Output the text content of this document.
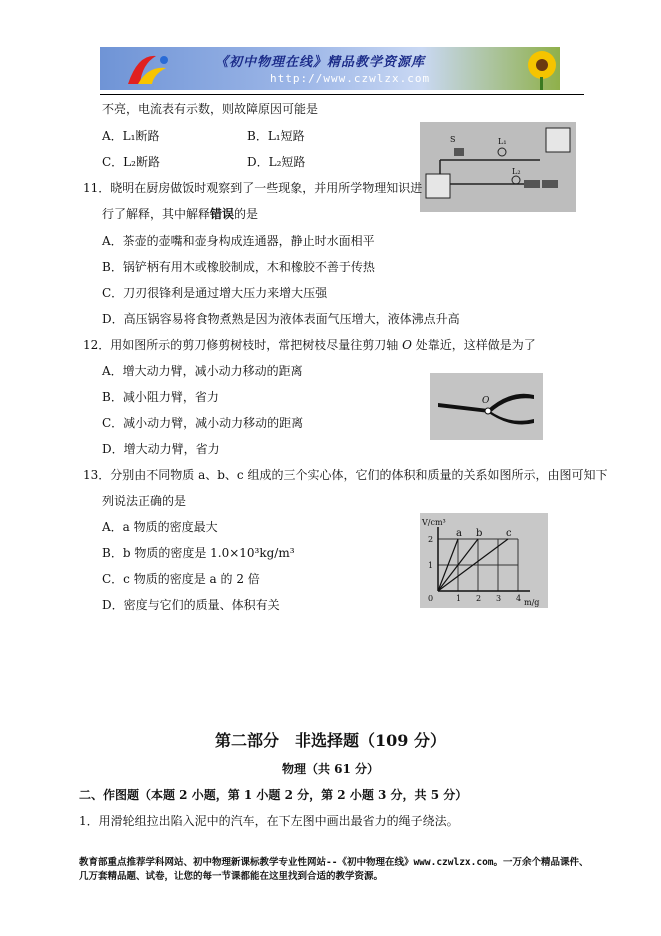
《初中物理在线》精品教学资源库
http://www.czwlzx.com
不亮，电流表有示数，则故障原因可能是
A．L₁断路	B．L₁短路
C．L₂断路	D．L₂短路
S	L₁
L₂
11．晓明在厨房做饭时观察到了一些现象，并用所学物理知识进
行了解释，其中解释错误的是
A．茶壶的壶嘴和壶身构成连通器，静止时水面相平
B．锅铲柄有用木或橡胶制成，木和橡胶不善于传热
C．刀刃很锋利是通过增大压力来增大压强
D．高压锅容易将食物煮熟是因为液体表面气压增大，液体沸点升高
12．用如图所示的剪刀修剪树枝时，常把树枝尽量往剪刀轴 O 处靠近，这样做是为了
A．增大动力臂，减小动力移动的距离
B．减小阻力臂，省力
C．减小动力臂，减小动力移动的距离
D．增大动力臂，省力
O
13．分别由不同物质 a、b、c 组成的三个实心体，它们的体积和质量的关系如图所示，由图可知下
列说法正确的是
A．a 物质的密度最大
B．b 物质的密度是 1.0×10³kg/m³
C．c 物质的密度是 a 的 2 倍
D．密度与它们的质量、体积有关
a b c
0	1 2 3 4
1
2
m/g
V/cm³
第二部分　非选择题（109 分）
物理（共 61 分）
二、作图题（本题 2 小题，第 1 小题 2 分，第 2 小题 3 分，共 5 分）
1．用滑轮组拉出陷入泥中的汽车，在下左图中画出最省力的绳子绕法。
教育部重点推荐学科网站、初中物理新课标教学专业性网站--《初中物理在线》www.czwlzx.com。一万余个精品课件、几万套精品题、试卷，让您的每一节课都能在这里找到合适的教学资源。
